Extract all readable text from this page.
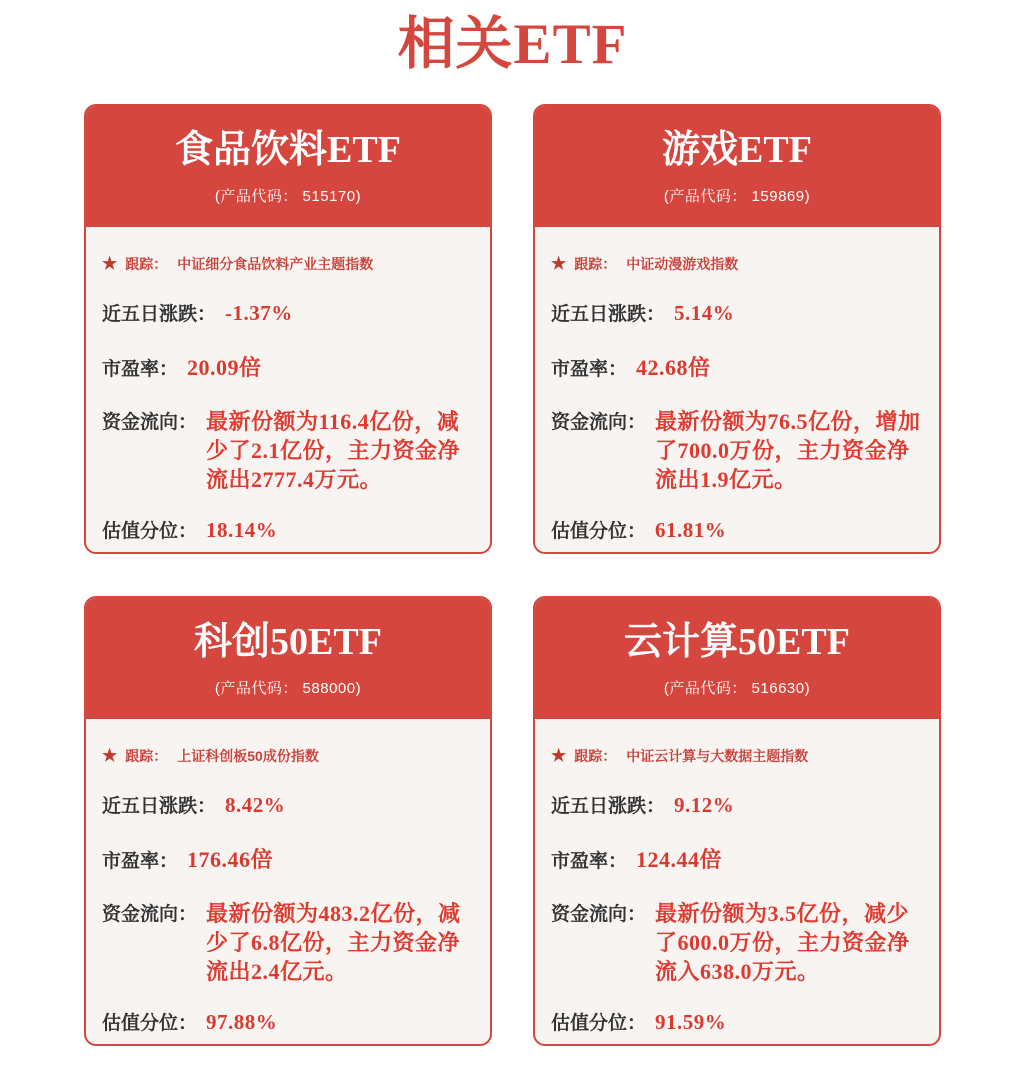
相关ETF
食品饮料ETF
(产品代码： 515170)
★ 跟踪： 中证细分食品饮料产业主题指数
近五日涨跌： -1.37%
市盈率： 20.09倍
资金流向： 最新份额为116.4亿份，减少了2.1亿份，主力资金净流出2777.4万元。
估值分位： 18.14%
游戏ETF
(产品代码： 159869)
★ 跟踪： 中证动漫游戏指数
近五日涨跌： 5.14%
市盈率： 42.68倍
资金流向： 最新份额为76.5亿份，增加了700.0万份，主力资金净流出1.9亿元。
估值分位： 61.81%
科创50ETF
(产品代码： 588000)
★ 跟踪： 上证科创板50成份指数
近五日涨跌： 8.42%
市盈率： 176.46倍
资金流向： 最新份额为483.2亿份，减少了6.8亿份，主力资金净流出2.4亿元。
估值分位： 97.88%
云计算50ETF
(产品代码： 516630)
★ 跟踪： 中证云计算与大数据主题指数
近五日涨跌： 9.12%
市盈率： 124.44倍
资金流向： 最新份额为3.5亿份，减少了600.0万份，主力资金净流入638.0万元。
估值分位： 91.59%
